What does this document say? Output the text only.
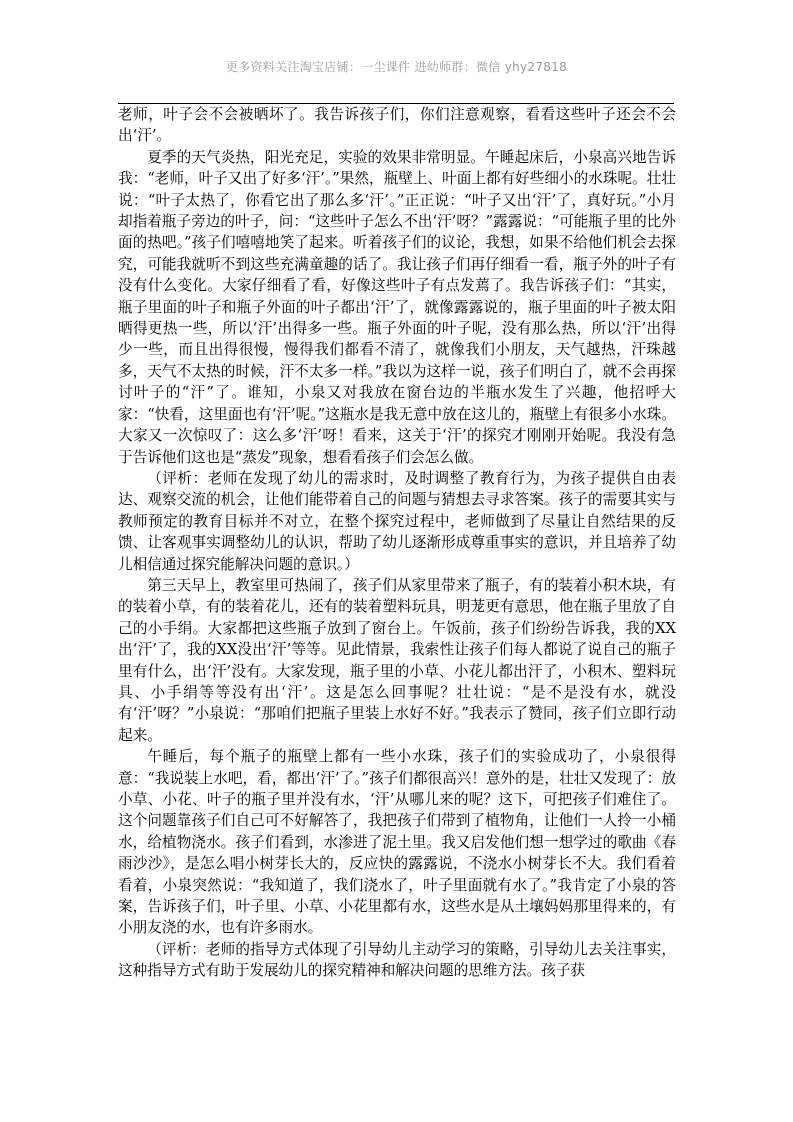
更多资料关注淘宝店铺：一尘课件 进幼师群：微信 yhy27818

老师，叶子会不会被晒坏了。我告诉孩子们，你们注意观察，看看这些叶子还会不会出‘汗’。

夏季的天气炎热，阳光充足，实验的效果非常明显。午睡起床后，小泉高兴地告诉我：“老师，叶子又出了好多‘汗’。”果然，瓶壁上、叶面上都有好些细小的水珠呢。壮壮说：“叶子太热了，你看它出了那么多‘汗’。”正正说：“叶子又出‘汗’了，真好玩。”小月却指着瓶子旁边的叶子，问：“这些叶子怎么不出‘汗’呀？”露露说：“可能瓶子里的比外面的热吧。”孩子们嘻嘻地笑了起来。听着孩子们的议论，我想，如果不给他们机会去探究，可能我就听不到这些充满童趣的话了。我让孩子们再仔细看一看，瓶子外的叶子有没有什么变化。大家仔细看了看，好像这些叶子有点发蔫了。我告诉孩子们：“其实，瓶子里面的叶子和瓶子外面的叶子都出‘汗’了，就像露露说的，瓶子里面的叶子被太阳晒得更热一些，所以‘汗’出得多一些。瓶子外面的叶子呢，没有那么热，所以‘汗’出得少一些，而且出得很慢，慢得我们都看不清了，就像我们小朋友，天气越热，汗珠越多，天气不太热的时候，汗不太多一样。”我以为这样一说，孩子们明白了，就不会再探讨叶子的“汗”了。谁知，小泉又对我放在窗台边的半瓶水发生了兴趣，他招呼大家：“快看，这里面也有‘汗’呢。”这瓶水是我无意中放在这儿的，瓶壁上有很多小水珠。大家又一次惊叹了：这么多‘汗’呀！看来，这关于‘汗’的探究才刚刚开始呢。我没有急于告诉他们这也是“蒸发”现象，想看看孩子们会怎么做。

（评析：老师在发现了幼儿的需求时，及时调整了教育行为，为孩子提供自由表达、观察交流的机会，让他们能带着自己的问题与猜想去寻求答案。孩子的需要其实与教师预定的教育目标并不对立，在整个探究过程中，老师做到了尽量让自然结果的反馈、让客观事实调整幼儿的认识，帮助了幼儿逐渐形成尊重事实的意识，并且培养了幼儿相信通过探究能解决问题的意识。）

第三天早上，教室里可热闹了，孩子们从家里带来了瓶子，有的装着小积木块，有的装着小草，有的装着花儿，还有的装着塑料玩具，明茏更有意思，他在瓶子里放了自己的小手绢。大家都把这些瓶子放到了窗台上。午饭前，孩子们纷纷告诉我，我的XX出‘汗’了，我的XX没出‘汗’等等。见此情景，我索性让孩子们每人都说了说自己的瓶子里有什么，出‘汗’没有。大家发现，瓶子里的小草、小花儿都出汗了，小积木、塑料玩具、小手绢等等没有出‘汗’。这是怎么回事呢？壮壮说：“是不是没有水，就没有‘汗’呀？”小泉说：“那咱们把瓶子里装上水好不好。”我表示了赞同，孩子们立即行动起来。

午睡后，每个瓶子的瓶壁上都有一些小水珠，孩子们的实验成功了，小泉很得意：“我说装上水吧，看，都出‘汗’了。”孩子们都很高兴！意外的是，壮壮又发现了：放小草、小花、叶子的瓶子里并没有水，‘汗’从哪儿来的呢？这下，可把孩子们难住了。这个问题靠孩子们自己可不好解答了，我把孩子们带到了植物角，让他们一人拎一小桶水，给植物浇水。孩子们看到，水渗进了泥土里。我又启发他们想一想学过的歌曲《春雨沙沙》，是怎么唱小树芽长大的，反应快的露露说，不浇水小树芽长不大。我们看着看着，小泉突然说：“我知道了，我们浇水了，叶子里面就有水了。”我肯定了小泉的答案，告诉孩子们，叶子里、小草、小花里都有水，这些水是从土壤妈妈那里得来的，有小朋友浇的水，也有许多雨水。

（评析：老师的指导方式体现了引导幼儿主动学习的策略，引导幼儿去关注事实，这种指导方式有助于发展幼儿的探究精神和解决问题的思维方法。孩子获
